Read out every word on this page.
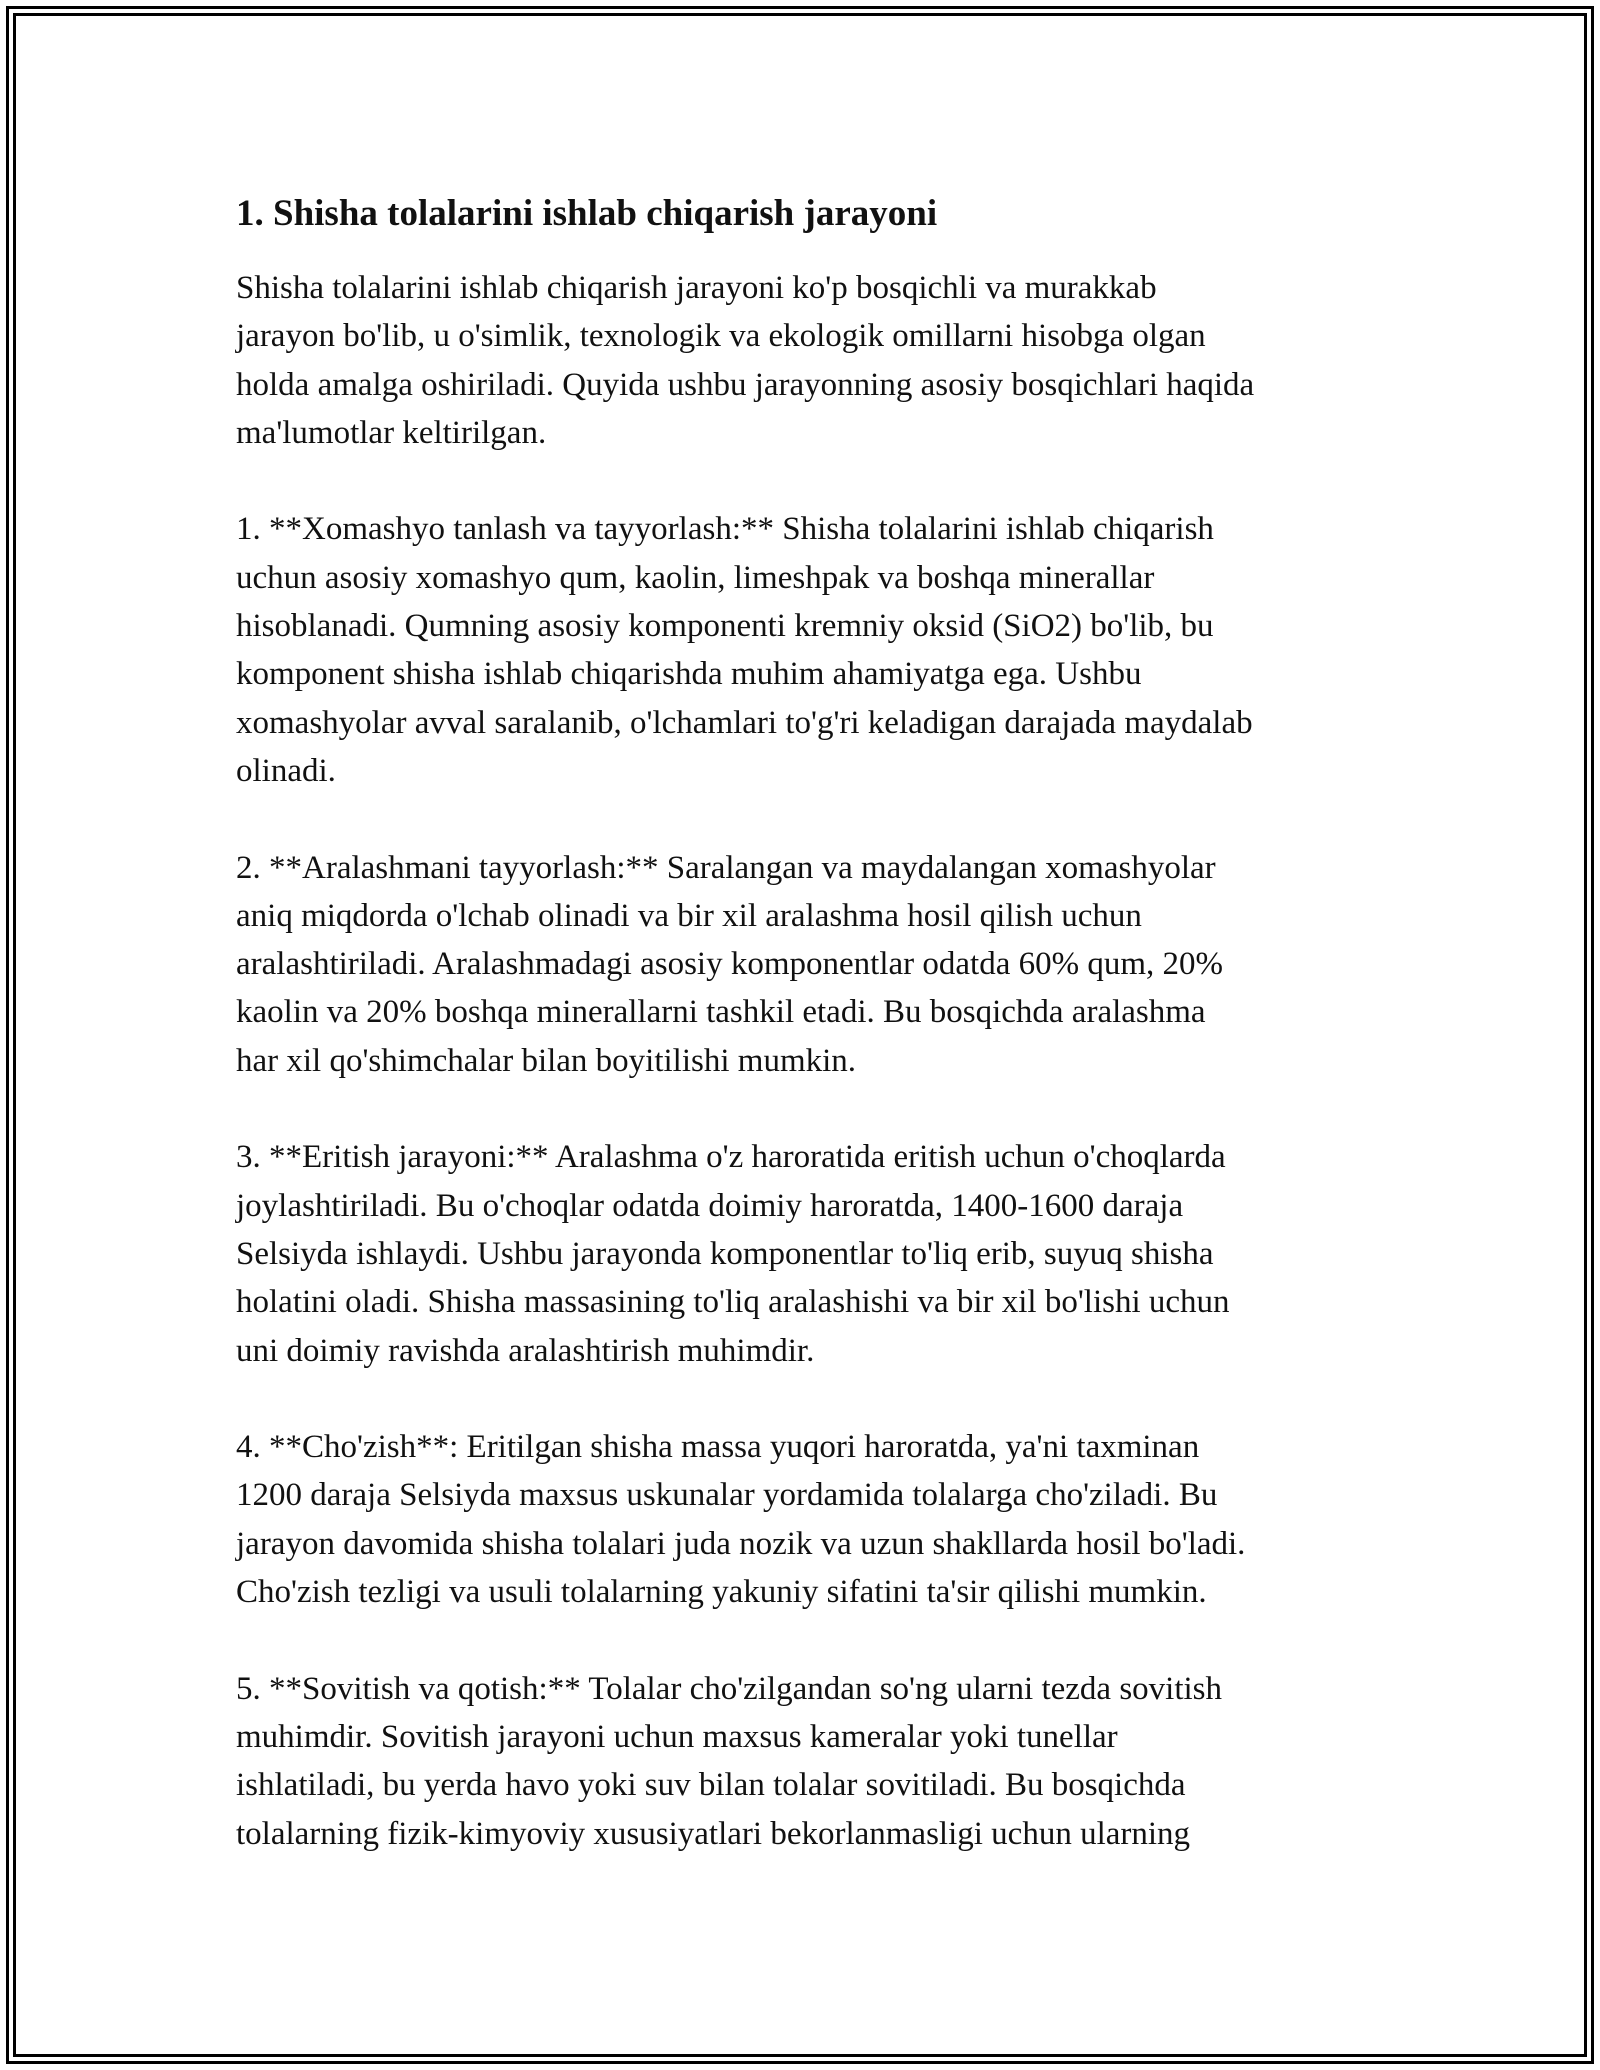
1. Shisha tolalarini ishlab chiqarish jarayoni

Shisha tolalarini ishlab chiqarish jarayoni ko'p bosqichli va murakkab
jarayon bo'lib, u o'simlik, texnologik va ekologik omillarni hisobga olgan
holda amalga oshiriladi. Quyida ushbu jarayonning asosiy bosqichlari haqida
ma'lumotlar keltirilgan.

1. **Xomashyo tanlash va tayyorlash:** Shisha tolalarini ishlab chiqarish
uchun asosiy xomashyo qum, kaolin, limeshpak va boshqa minerallar
hisoblanadi. Qumning asosiy komponenti kremniy oksid (SiO2) bo'lib, bu
komponent shisha ishlab chiqarishda muhim ahamiyatga ega. Ushbu
xomashyolar avval saralanib, o'lchamlari to'g'ri keladigan darajada maydalab
olinadi.

2. **Aralashmani tayyorlash:** Saralangan va maydalangan xomashyolar
aniq miqdorda o'lchab olinadi va bir xil aralashma hosil qilish uchun
aralashtiriladi. Aralashmadagi asosiy komponentlar odatda 60% qum, 20%
kaolin va 20% boshqa minerallarni tashkil etadi. Bu bosqichda aralashma
har xil qo'shimchalar bilan boyitilishi mumkin.

3. **Eritish jarayoni:** Aralashma o'z haroratida eritish uchun o'choqlarda
joylashtiriladi. Bu o'choqlar odatda doimiy haroratda, 1400-1600 daraja
Selsiyda ishlaydi. Ushbu jarayonda komponentlar to'liq erib, suyuq shisha
holatini oladi. Shisha massasining to'liq aralashishi va bir xil bo'lishi uchun
uni doimiy ravishda aralashtirish muhimdir.

4. **Cho'zish**: Eritilgan shisha massa yuqori haroratda, ya'ni taxminan
1200 daraja Selsiyda maxsus uskunalar yordamida tolalarga cho'ziladi. Bu
jarayon davomida shisha tolalari juda nozik va uzun shakllarda hosil bo'ladi.
Cho'zish tezligi va usuli tolalarning yakuniy sifatini ta'sir qilishi mumkin.

5. **Sovitish va qotish:** Tolalar cho'zilgandan so'ng ularni tezda sovitish
muhimdir. Sovitish jarayoni uchun maxsus kameralar yoki tunellar
ishlatiladi, bu yerda havo yoki suv bilan tolalar sovitiladi. Bu bosqichda
tolalarning fizik-kimyoviy xususiyatlari bekorlanmasligi uchun ularning
